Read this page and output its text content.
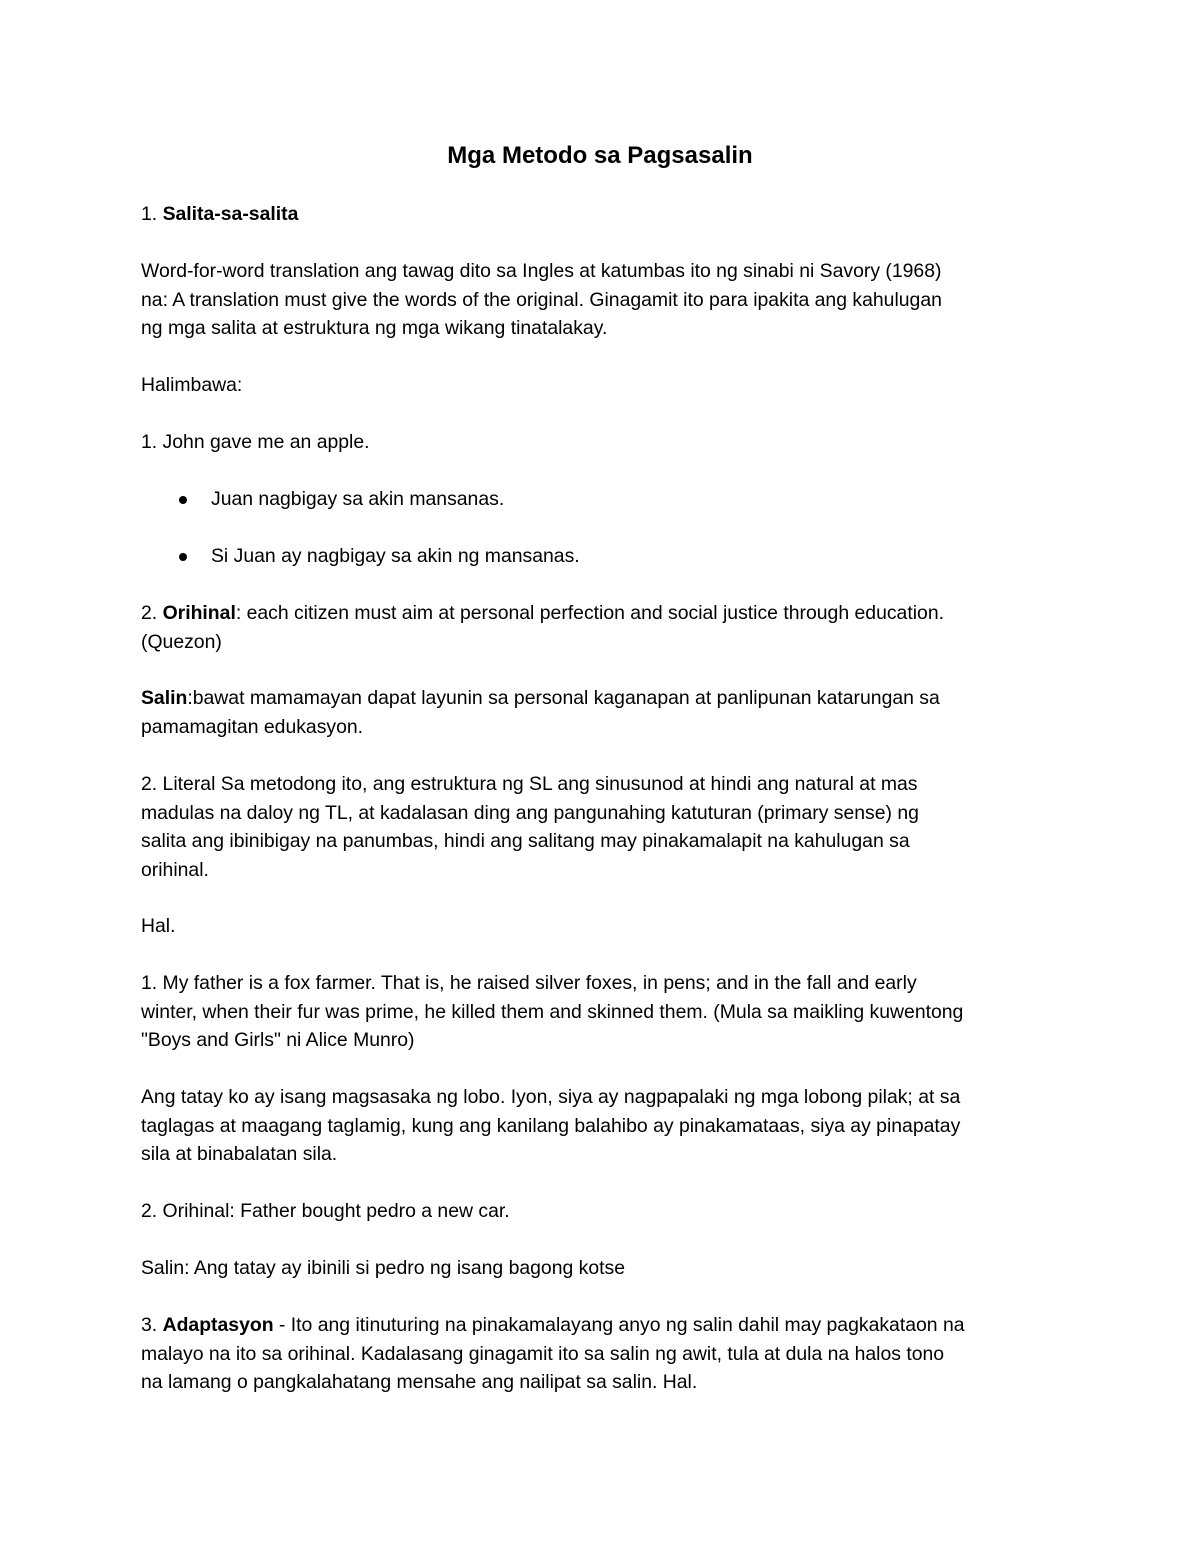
Mga Metodo sa Pagsasalin

1. Salita-sa-salita

Word-for-word translation ang tawag dito sa Ingles at katumbas ito ng sinabi ni Savory (1968)
na: A translation must give the words of the original. Ginagamit ito para ipakita ang kahulugan
ng mga salita at estruktura ng mga wikang tinatalakay.

Halimbawa:

1. John gave me an apple.

Juan nagbigay sa akin mansanas.
Si Juan ay nagbigay sa akin ng mansanas.
2. Orihinal: each citizen must aim at personal perfection and social justice through education.
(Quezon)
Salin:bawat mamamayan dapat layunin sa personal kaganapan at panlipunan katarungan sa
pamamagitan edukasyon.
2. Literal Sa metodong ito, ang estruktura ng SL ang sinusunod at hindi ang natural at mas
madulas na daloy ng TL, at kadalasan ding ang pangunahing katuturan (primary sense) ng
salita ang ibinibigay na panumbas, hindi ang salitang may pinakamalapit na kahulugan sa
orihinal.

Hal.

1. My father is a fox farmer. That is, he raised silver foxes, in pens; and in the fall and early
winter, when their fur was prime, he killed them and skinned them. (Mula sa maikling kuwentong
"Boys and Girls" ni Alice Munro)
Ang tatay ko ay isang magsasaka ng lobo. Iyon, siya ay nagpapalaki ng mga lobong pilak; at sa
taglagas at maagang taglamig, kung ang kanilang balahibo ay pinakamataas, siya ay pinapatay
sila at binabalatan sila.

2. Orihinal: Father bought pedro a new car.

Salin: Ang tatay ay ibinili si pedro ng isang bagong kotse

3. Adaptasyon - Ito ang itinuturing na pinakamalayang anyo ng salin dahil may pagkakataon na
malayo na ito sa orihinal. Kadalasang ginagamit ito sa salin ng awit, tula at dula na halos tono
na lamang o pangkalahatang mensahe ang nailipat sa salin. Hal.
